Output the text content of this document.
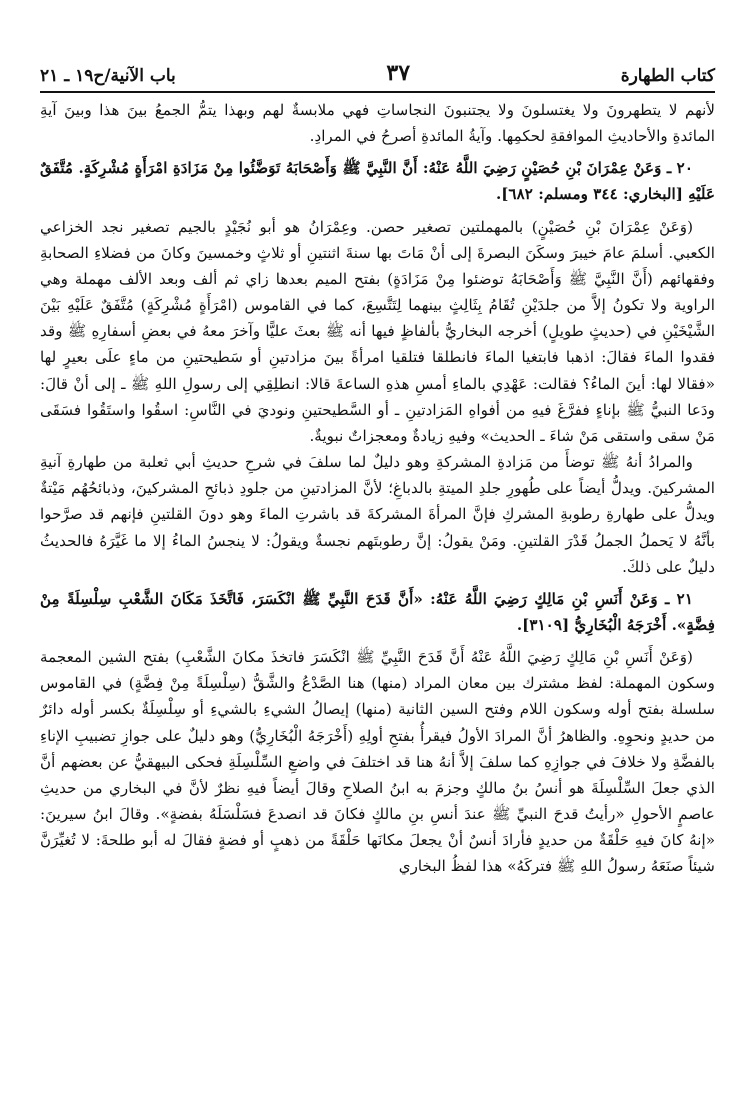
كتاب الطهارة
٣٧
باب الآنية/ح١٩ ـ ٢١

لأنهم لا يتطهرونَ ولا يغتسلونَ ولا يجتنبونَ النجاساتِ فهي ملابسةٌ لهم وبهذا يتمُّ الجمعُ بينَ هذا وبينَ آيةِ المائدةِ والأحاديثِ الموافقةِ لحكمِها. وآيةُ المائدةِ أصرحُ في المرادِ.

٢٠ ـ وَعَنْ عِمْرَانَ بْنِ حُصَيْنٍ رَضِيَ اللَّهُ عَنْهُ: أَنَّ النَّبِيَّ ﷺ وَأَصْحَابَهُ تَوَضَّئُوا مِنْ مَزَادَةِ امْرَأَةٍ مُشْرِكَةٍ. مُتَّفَقٌ عَلَيْهِ [البخاري: ٣٤٤ ومسلم: ٦٨٢].

(وَعَنْ عِمْرَانَ بْنِ حُصَيْنٍ) بالمهملتين تصغير حصن. وعِمْرَانُ هو أبو نُجَيْدٍ بالجيم تصغير نجد الخزاعي الكعبي. أسلمَ عامَ خيبرَ وسكَنَ البصرةَ إلى أنْ مَاتَ بها سنةَ اثنتينِ أو ثلاثٍ وخمسينَ وكانَ من فضلاءِ الصحابةِ وفقهائهم (أَنَّ النَّبِيَّ ﷺ وَأَصْحَابَهُ توضئوا مِنْ مَزَادَةٍ) بفتح الميم بعدها زاي ثم ألف وبعد الألف مهملة وهي الراوية ولا تكونُ إلاَّ من جلدَيْنِ تُقَامُ بِثَالِثٍ بينهما لِتَتَّسِعَ، كما في القاموس (امْرَأَةٍ مُشْرِكَةٍ) مُتَّفَقٌ عَلَيْهِ بَيْنَ الشَّيْخَيْنِ في (حديثٍ طويلٍ) أخرجه البخاريُّ بألفاظٍ فيها أنه ﷺ بعثَ عليًّا وآخرَ معهُ في بعضِ أسفارِهِ ﷺ وقد فقدوا الماءَ فقالَ: اذهبا فابتغيا الماءَ فانطلقا فتلقيا امرأةً بينَ مزادتينِ أو سَطيحتينِ من ماءٍ علَى بعيرٍ لها «فقالا لها: أينَ الماءُ؟ فقالت: عَهْدِي بالماءِ أمسِ هذهِ الساعةَ قالا: انطلِقِي إلى رسولِ اللهِ ﷺ ـ إلى أنْ قالَ: ودَعا النبيُّ ﷺ بإناءٍ ففرَّغَ فيهِ من أفواهِ المَزادتينِ ـ أو السَّطيحتينِ ونوديَ في النَّاسِ: اسقُوا واستَقُوا فسَقَى مَنْ سقى واستقى مَنْ شاءَ ـ الحديث» وفيهِ زيادةٌ ومعجزاتٌ نبويةٌ.

والمرادُ أنهُ ﷺ توضأَ من مَزادةِ المشركةِ وهو دليلٌ لما سلفَ في شرحِ حديثِ أبي ثعلبة من طهارةِ آنيةِ المشركينَ. ويدلُّ أيضاً على طُهورِ جلدِ الميتةِ بالدباغِ؛ لأنَّ المزادتينِ من جلودِ ذبائحِ المشركينَ، وذبائحُهُم مَيْتةٌ ويدلُّ على طهارةِ رطوبةِ المشركِ فإنَّ المرأةَ المشركةَ قد باشرتِ الماءَ وهو دونَ القلتينِ فإنهم قد صرَّحوا بأنَّهُ لا يَحملُ الجملُ قَدْرَ القلتينِ. ومَنْ يقولُ: إنَّ رطوبتَهم نجسةٌ ويقولُ: لا ينجسُ الماءُ إلا ما غَيَّرَهُ فالحديثُ دليلٌ على ذلكَ.

٢١ ـ وَعَنْ أَنَسِ بْنِ مَالِكٍ رَضِيَ اللَّهُ عَنْهُ: «أَنَّ قَدَحَ النَّبِيِّ ﷺ انْكَسَرَ، فَاتَّخَذَ مَكَانَ الشَّعْبِ سِلْسِلَةً مِنْ فِضَّةٍ». أَخْرَجَهُ الْبُخَارِيُّ [٣١٠٩].

(وَعَنْ أَنَسِ بْنِ مَالِكٍ رَضِيَ اللَّهُ عَنْهُ أَنَّ قَدَحَ النَّبِيِّ ﷺ انْكَسَرَ فاتخذَ مكانَ الشَّعْبِ) بفتح الشين المعجمة وسكون المهملة: لفظ مشترك بين معان المراد (منها) هنا الصَّدْعُ والشَّقُّ (سِلْسِلَةً مِنْ فِضَّةٍ) في القاموس سلسلة بفتح أوله وسكون اللام وفتح السين الثانية (منها) إيصالُ الشيءِ بالشيءِ أو سِلْسِلَةٌ بكسر أوله دائرٌ من حديدٍ ونحوِهِ. والظاهرُ أنَّ المرادَ الأولُ فيقرأُ بفتحِ أولِهِ (أَخْرَجَهُ الْبُخَارِيُّ) وهو دليلٌ على جوازِ تضبيبِ الإناءِ بالفضَّةِ ولا خلافَ في جوازِهِ كما سلفَ إلاَّ أنهُ هنا قد اختلفَ في واضعِ السِّلْسِلَةِ فحكى البيهقيُّ عن بعضهم أنَّ الذي جعلَ السِّلْسِلَةَ هو أنسُ بنُ مالكٍ وجزمَ به ابنُ الصلاحِ وقالَ أيضاً فيهِ نظرٌ لأنَّ في البخاري من حديثِ عاصمٍ الأحولِ «رأيتُ قدحَ النبيِّ ﷺ عندَ أنسِ بنِ مالكٍ فكانَ قد انصدعَ فسَلْسَلَهُ بفضةٍ». وقالَ ابنُ سيرينَ: «إنهُ كانَ فيهِ حَلْقَةٌ من حديدٍ فأرادَ أنسٌ أنْ يجعلَ مكانَها حَلْقَةً من ذهبٍ أو فضةٍ فقالَ له أبو طلحةَ: لا تُغيِّرَنَّ شيئاً صنَعَهُ رسولُ اللهِ ﷺ فتركَهُ» هذا لفظُ البخاري
